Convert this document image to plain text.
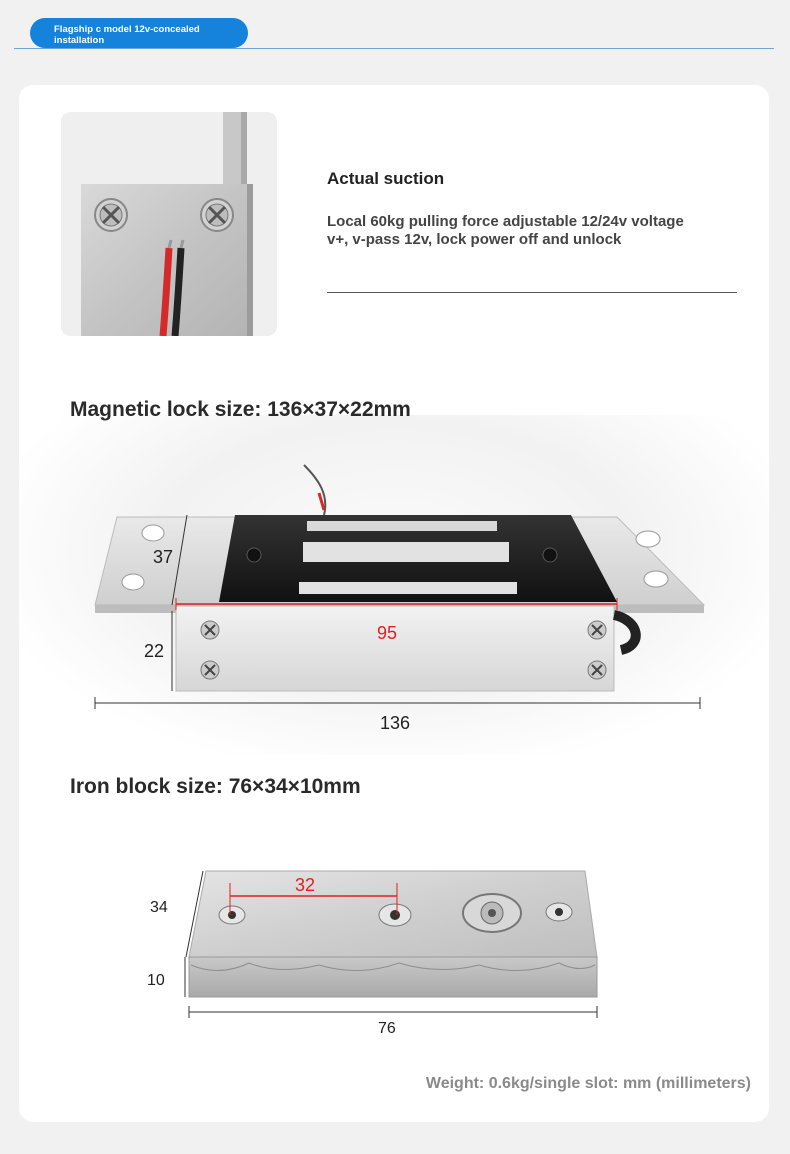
Flagship c model 12v-concealed
installation
Actual suction
Local 60kg pulling force adjustable 12/24v voltage v+, v-pass 12v, lock power off and unlock
Magnetic lock size: 136×37×22mm
37
22
95
136
Iron block size: 76×34×10mm
32
34
10
76
Weight: 0.6kg/single slot: mm (millimeters)
